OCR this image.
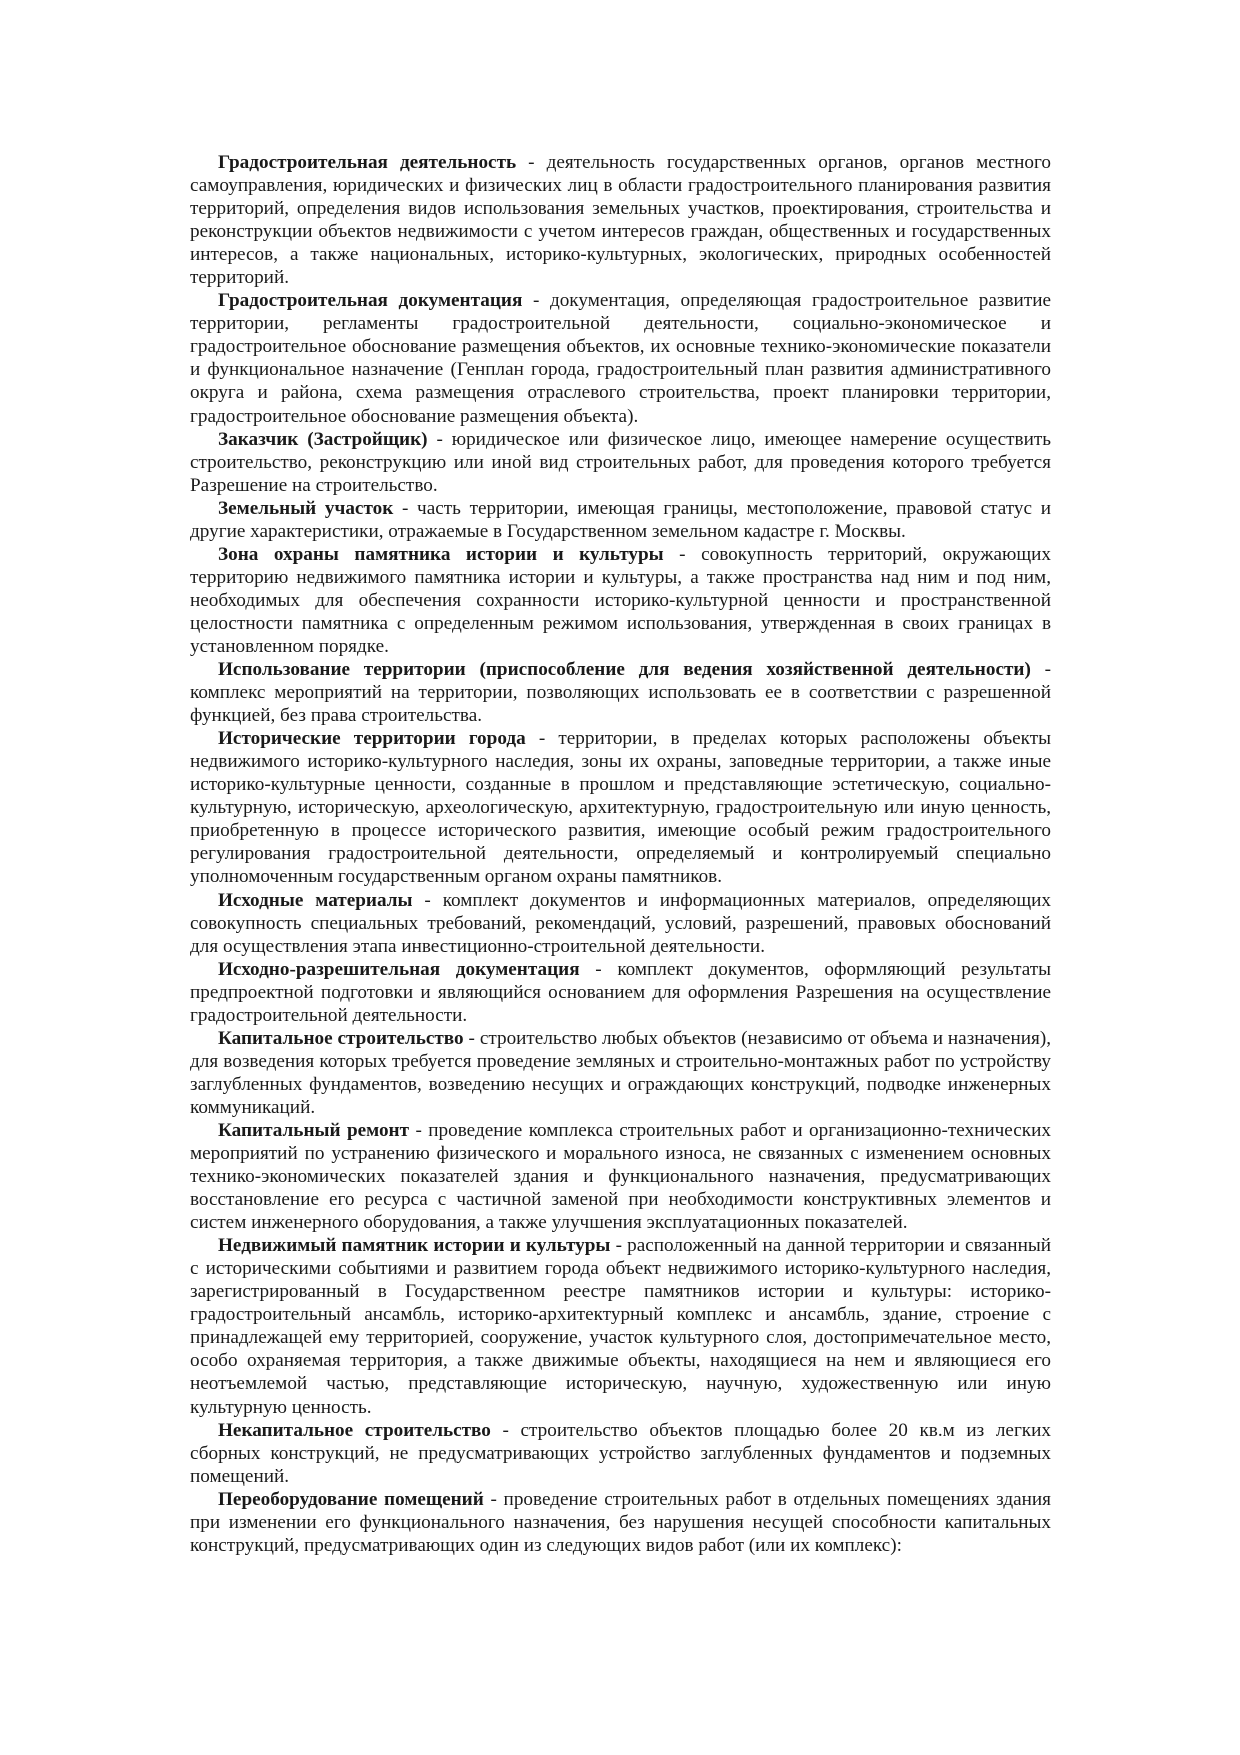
Градостроительная деятельность - деятельность государственных органов, органов местного самоуправления, юридических и физических лиц в области градостроительного планирования развития территорий, определения видов использования земельных участков, проектирования, строительства и реконструкции объектов недвижимости с учетом интересов граждан, общественных и государственных интересов, а также национальных, историко-культурных, экологических, природных особенностей территорий.

Градостроительная документация - документация, определяющая градостроительное развитие территории, регламенты градостроительной деятельности, социально-экономическое и градостроительное обоснование размещения объектов, их основные технико-экономические показатели и функциональное назначение (Генплан города, градостроительный план развития административного округа и района, схема размещения отраслевого строительства, проект планировки территории, градостроительное обоснование размещения объекта).

Заказчик (Застройщик) - юридическое или физическое лицо, имеющее намерение осуществить строительство, реконструкцию или иной вид строительных работ, для проведения которого требуется Разрешение на строительство.

Земельный участок - часть территории, имеющая границы, местоположение, правовой статус и другие характеристики, отражаемые в Государственном земельном кадастре г. Москвы.

Зона охраны памятника истории и культуры - совокупность территорий, окружающих территорию недвижимого памятника истории и культуры, а также пространства над ним и под ним, необходимых для обеспечения сохранности историко-культурной ценности и пространственной целостности памятника с определенным режимом использования, утвержденная в своих границах в установленном порядке.

Использование территории (приспособление для ведения хозяйственной деятельности) - комплекс мероприятий на территории, позволяющих использовать ее в соответствии с разрешенной функцией, без права строительства.

Исторические территории города - территории, в пределах которых расположены объекты недвижимого историко-культурного наследия, зоны их охраны, заповедные территории, а также иные историко-культурные ценности, созданные в прошлом и представляющие эстетическую, социально-культурную, историческую, археологическую, архитектурную, градостроительную или иную ценность, приобретенную в процессе исторического развития, имеющие особый режим градостроительного регулирования градостроительной деятельности, определяемый и контролируемый специально уполномоченным государственным органом охраны памятников.

Исходные материалы - комплект документов и информационных материалов, определяющих совокупность специальных требований, рекомендаций, условий, разрешений, правовых обоснований для осуществления этапа инвестиционно-строительной деятельности.

Исходно-разрешительная документация - комплект документов, оформляющий результаты предпроектной подготовки и являющийся основанием для оформления Разрешения на осуществление градостроительной деятельности.

Капитальное строительство - строительство любых объектов (независимо от объема и назначения), для возведения которых требуется проведение земляных и строительно-монтажных работ по устройству заглубленных фундаментов, возведению несущих и ограждающих конструкций, подводке инженерных коммуникаций.

Капитальный ремонт - проведение комплекса строительных работ и организационно-технических мероприятий по устранению физического и морального износа, не связанных с изменением основных технико-экономических показателей здания и функционального назначения, предусматривающих восстановление его ресурса с частичной заменой при необходимости конструктивных элементов и систем инженерного оборудования, а также улучшения эксплуатационных показателей.

Недвижимый памятник истории и культуры - расположенный на данной территории и связанный с историческими событиями и развитием города объект недвижимого историко-культурного наследия, зарегистрированный в Государственном реестре памятников истории и культуры: историко-градостроительный ансамбль, историко-архитектурный комплекс и ансамбль, здание, строение с принадлежащей ему территорией, сооружение, участок культурного слоя, достопримечательное место, особо охраняемая территория, а также движимые объекты, находящиеся на нем и являющиеся его неотъемлемой частью, представляющие историческую, научную, художественную или иную культурную ценность.

Некапитальное строительство - строительство объектов площадью более 20 кв.м из легких сборных конструкций, не предусматривающих устройство заглубленных фундаментов и подземных помещений.

Переоборудование помещений - проведение строительных работ в отдельных помещениях здания при изменении его функционального назначения, без нарушения несущей способности капитальных конструкций, предусматривающих один из следующих видов работ (или их комплекс):
